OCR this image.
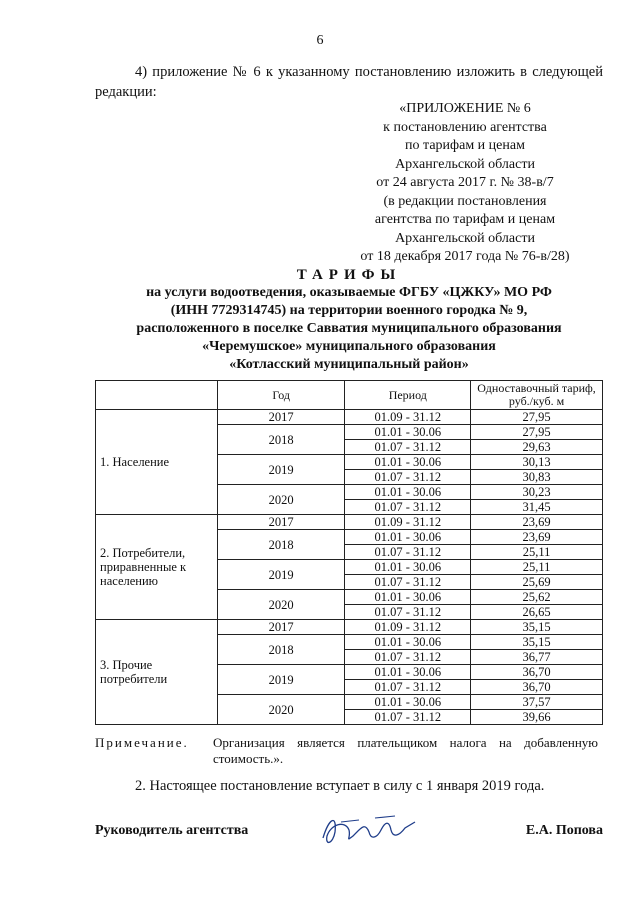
6
4) приложение № 6 к указанному постановлению изложить в следующей редакции:
«ПРИЛОЖЕНИЕ № 6
к постановлению агентства
по тарифам и ценам
Архангельской области
от 24 августа 2017 г. № 38-в/7
(в редакции постановления
агентства по тарифам и ценам
Архангельской области
от 18 декабря 2017 года № 76-в/28)
ТАРИФЫ
на услуги водоотведения, оказываемые ФГБУ «ЦЖКУ» МО РФ
(ИНН 7729314745) на территории военного городка № 9,
расположенного в поселке Савватия муниципального образования
«Черемушское» муниципального образования
«Котласский муниципальный район»
	Год	Период	Одноставочный тариф, руб./куб. м
1. Население	2017	01.09 - 31.12	27,95
	2018	01.01 - 30.06	27,95
		01.07 - 31.12	29,63
	2019	01.01 - 30.06	30,13
		01.07 - 31.12	30,83
	2020	01.01 - 30.06	30,23
		01.07 - 31.12	31,45
2. Потребители, приравненные к населению	2017	01.09 - 31.12	23,69
	2018	01.01 - 30.06	23,69
		01.07 - 31.12	25,11
	2019	01.01 - 30.06	25,11
		01.07 - 31.12	25,69
	2020	01.01 - 30.06	25,62
		01.07 - 31.12	26,65
3. Прочие потребители	2017	01.09 - 31.12	35,15
	2018	01.01 - 30.06	35,15
		01.07 - 31.12	36,77
	2019	01.01 - 30.06	36,70
		01.07 - 31.12	36,70
	2020	01.01 - 30.06	37,57
		01.07 - 31.12	39,66
Примечание. Организация является плательщиком налога на добавленную стоимость.».
2. Настоящее постановление вступает в силу с 1 января 2019 года.
Руководитель агентства	Е.А. Попова
